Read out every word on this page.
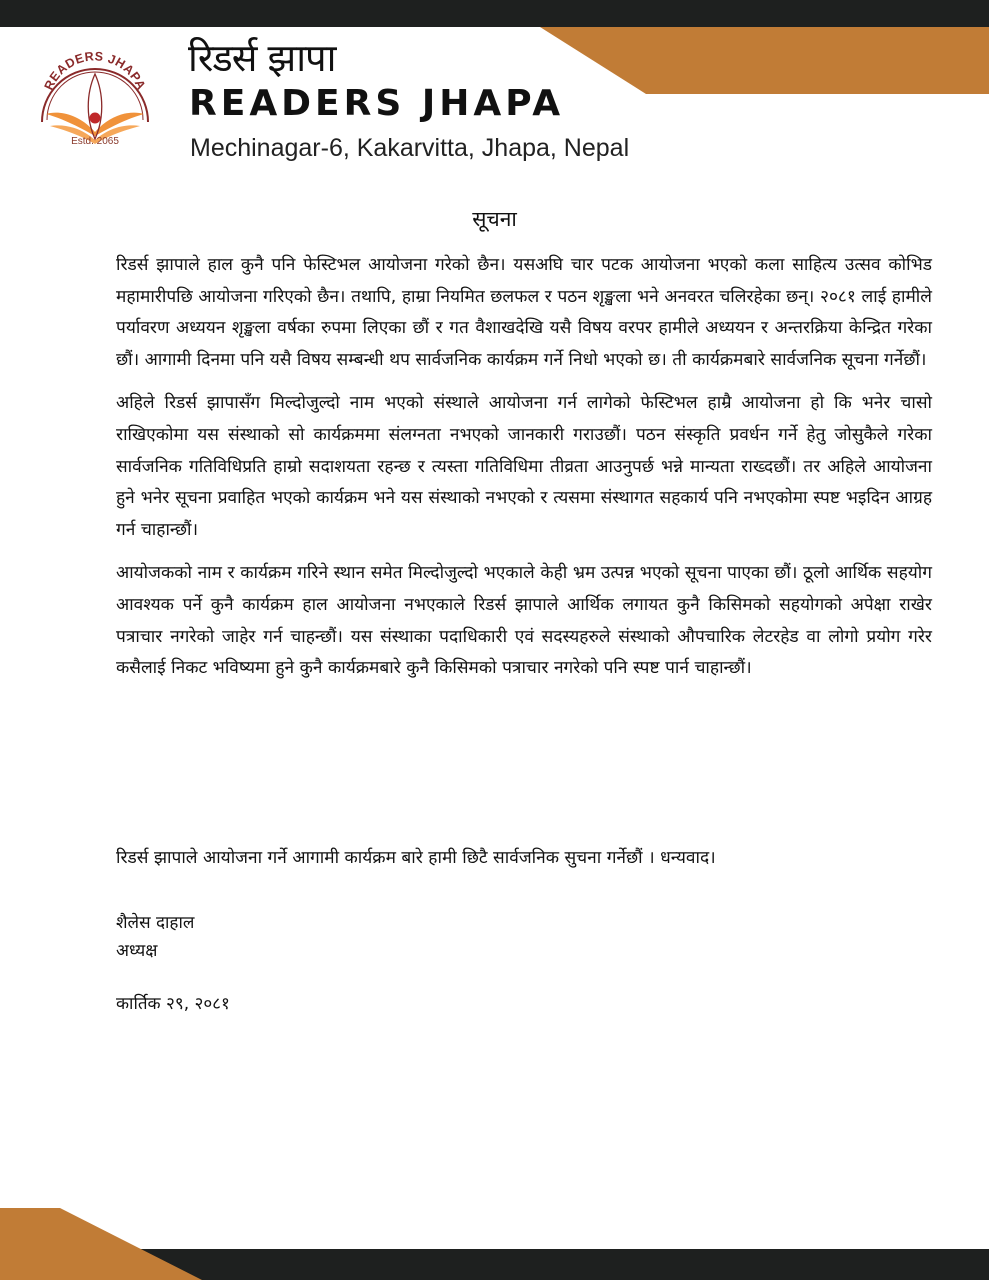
READERS JHAPA
Estd. 2065
रिडर्स झापा
READERS JHAPA
Mechinagar-6, Kakarvitta, Jhapa, Nepal
सूचना

रिडर्स झापाले हाल कुनै पनि फेस्टिभल आयोजना गरेको छैन। यसअघि चार पटक आयोजना भएको कला साहित्य उत्सव कोभिड महामारीपछि आयोजना गरिएको छैन। तथापि, हाम्रा नियमित छलफल र पठन श‍ृङ्खला भने अनवरत चलिरहेका छन्। २०८१ लाई हामीले पर्यावरण अध्ययन श‍ृङ्खला वर्षका रुपमा लिएका छौं र गत वैशाखदेखि यसै विषय वरपर हामीले अध्ययन र अन्तरक्रिया केन्द्रित गरेका छौं। आगामी दिनमा पनि यसै विषय सम्बन्धी थप सार्वजनिक कार्यक्रम गर्ने निधो भएको छ। ती कार्यक्रमबारे सार्वजनिक सूचना गर्नेछौं।

अहिले रिडर्स झापासँग मिल्दोजुल्दो नाम भएको संस्थाले आयोजना गर्न लागेको फेस्टिभल हाम्रै आयोजना हो कि भनेर चासो राखिएकोमा यस संस्थाको सो कार्यक्रममा संलग्नता नभएको जानकारी गराउछौं। पठन संस्कृति प्रवर्धन गर्ने हेतु जोसुकैले गरेका सार्वजनिक गतिविधिप्रति हाम्रो सदाशयता रहन्छ र त्यस्ता गतिविधिमा तीव्रता आउनुपर्छ भन्ने मान्यता राख्दछौं। तर अहिले आयोजना हुने भनेर सूचना प्रवाहित भएको कार्यक्रम भने यस संस्थाको नभएको र त्यसमा संस्थागत सहकार्य पनि नभएकोमा स्पष्ट भइदिन आग्रह गर्न चाहान्छौं।

आयोजकको नाम र कार्यक्रम गरिने स्थान समेत मिल्दोजुल्दो भएकाले केही भ्रम उत्पन्न भएको सूचना पाएका छौं। ठूलो आर्थिक सहयोग आवश्यक पर्ने कुनै कार्यक्रम हाल आयोजना नभएकाले रिडर्स झापाले आर्थिक लगायत कुनै किसिमको सहयोगको अपेक्षा राखेर पत्राचार नगरेको जाहेर गर्न चाहन्छौं। यस संस्थाका पदाधिकारी एवं सदस्यहरुले संस्थाको औपचारिक लेटरहेड वा लोगो प्रयोग गरेर कसैलाई निकट भविष्यमा हुने कुनै कार्यक्रमबारे कुनै किसिमको पत्राचार नगरेको पनि स्पष्ट पार्न चाहान्छौं।

रिडर्स झापाले आयोजना गर्ने आगामी कार्यक्रम बारे हामी छिटै सार्वजनिक सुचना गर्नेछौं । धन्यवाद।
शैलेस दाहाल
अध्यक्ष
कार्तिक २९, २०८१
